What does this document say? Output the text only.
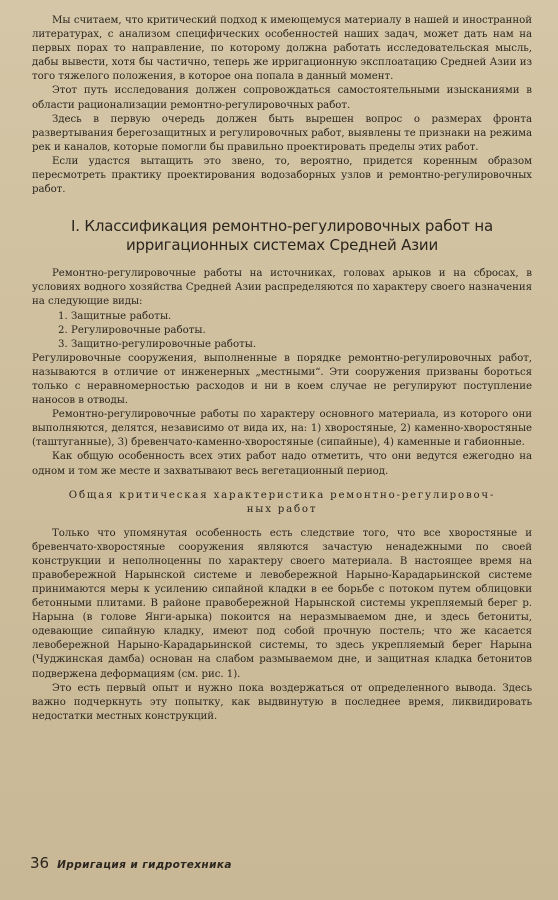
Мы считаем, что критический подход к имеющемуся материалу в нашей и иностранной литературах, с анализом специфических особенностей наших задач, может дать нам на первых порах то направление, по которому должна работать исследовательская мысль, дабы вывести, хотя бы частично, теперь же ирригационную эксплоатацию Средней Азии из того тяжелого положения, в которое она попала в данный момент.

Этот путь исследования должен сопровождаться самостоятельными изысканиями в области рационализации ремонтно-регулировочных работ.

Здесь в первую очередь должен быть вырешен вопрос о размерах фронта развертывания берегозащитных и регулировочных работ, выявлены те признаки на режима рек и каналов, которые помогли бы правильно проектировать пределы этих работ.

Если удастся вытащить это звено, то, вероятно, придется коренным образом пересмотреть практику проектирования водозаборных узлов и ремонтно-регулировочных работ.

I. Классификация ремонтно-регулировочных работ на
ирригационных системах Средней Азии

Ремонтно-регулировочные работы на источниках, головах арыков и на сбросах, в условиях водного хозяйства Средней Азии распределяются по характеру своего назначения на следующие виды:

1. Защитные работы.

2. Регулировочные работы.

3. Защитно-регулировочные работы.

Регулировочные сооружения, выполненные в порядке ремонтно-регулировочных работ, называются в отличие от инженерных „местными“. Эти сооружения призваны бороться только с неравномерностью расходов и ни в коем случае не регулируют поступление наносов в отводы.

Ремонтно-регулировочные работы по характеру основного материала, из которого они выполняются, делятся, независимо от вида их, на: 1) хворостяные, 2) каменно-хворостяные (таштуганные), 3) бревенчато-каменно-хворостяные (сипайные), 4) каменные и габионные.

Как общую особенность всех этих работ надо отметить, что они ведутся ежегодно на одном и том же месте и захватывают весь вегетационный период.

Общая критическая характеристика ремонтно-регулировоч-
ных работ

Только что упомянутая особенность есть следствие того, что все хворостяные и бревенчато-хворостяные сооружения являются зачастую ненадежными по своей конструкции и неполноценны по характеру своего материала. В настоящее время на правобережной Нарынской системе и левобережной Нарыно-Карадарьинской системе принимаются меры к усилению сипайной кладки в ее борьбе с потоком путем облицовки бетонными плитами. В районе правобережной Нарынской системы укрепляемый берег р. Нарына (в голове Янги-арыка) покоится на неразмываемом дне, и здесь бетониты, одевающие сипайную кладку, имеют под собой прочную постель; что же касается левобережной Нарыно-Карадарьинской системы, то здесь укрепляемый берег Нарына (Чуджинская дамба) основан на слабом размываемом дне, и защитная кладка бетонитов подвержена деформациям (см. рис. 1).

Это есть первый опыт и нужно пока воздержаться от определенного вывода. Здесь важно подчеркнуть эту попытку, как выдвинутую в последнее время, ликвидировать недостатки местных конструкций.

36 Ирригация и гидротехника
